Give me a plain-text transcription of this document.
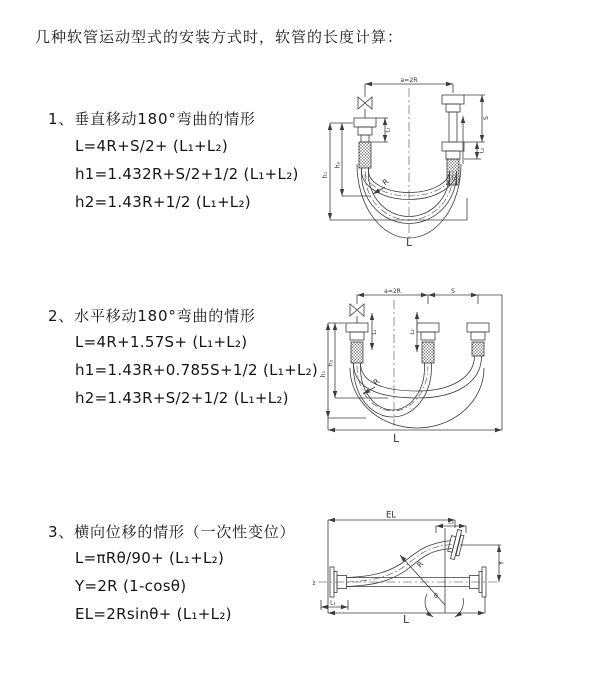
几种软管运动型式的安装方式时，软管的长度计算：
1、垂直移动180°弯曲的情形
L=4R+S/2+ (L₁+L₂)
h1=1.432R+S/2+1/2 (L₁+L₂)
h2=1.43R+1/2 (L₁+L₂)
2、水平移动180°弯曲的情形
L=4R+1.57S+ (L₁+L₂)
h1=1.43R+0.785S+1/2 (L₁+L₂)
h2=1.43R+S/2+1/2 (L₁+L₂)
3、横向位移的情形（一次性变位）
L=πRθ/90+ (L₁+L₂)
Y=2R (1-cosθ)
EL=2Rsinθ+ (L₁+L₂)
a=2R
h₁
h₂
S
L₂
L₁
R
L
a=2R	S
L₁	L₂
h₁
h₂
R
L
EL
L₂
Y
R
θ
L₁
L
z
